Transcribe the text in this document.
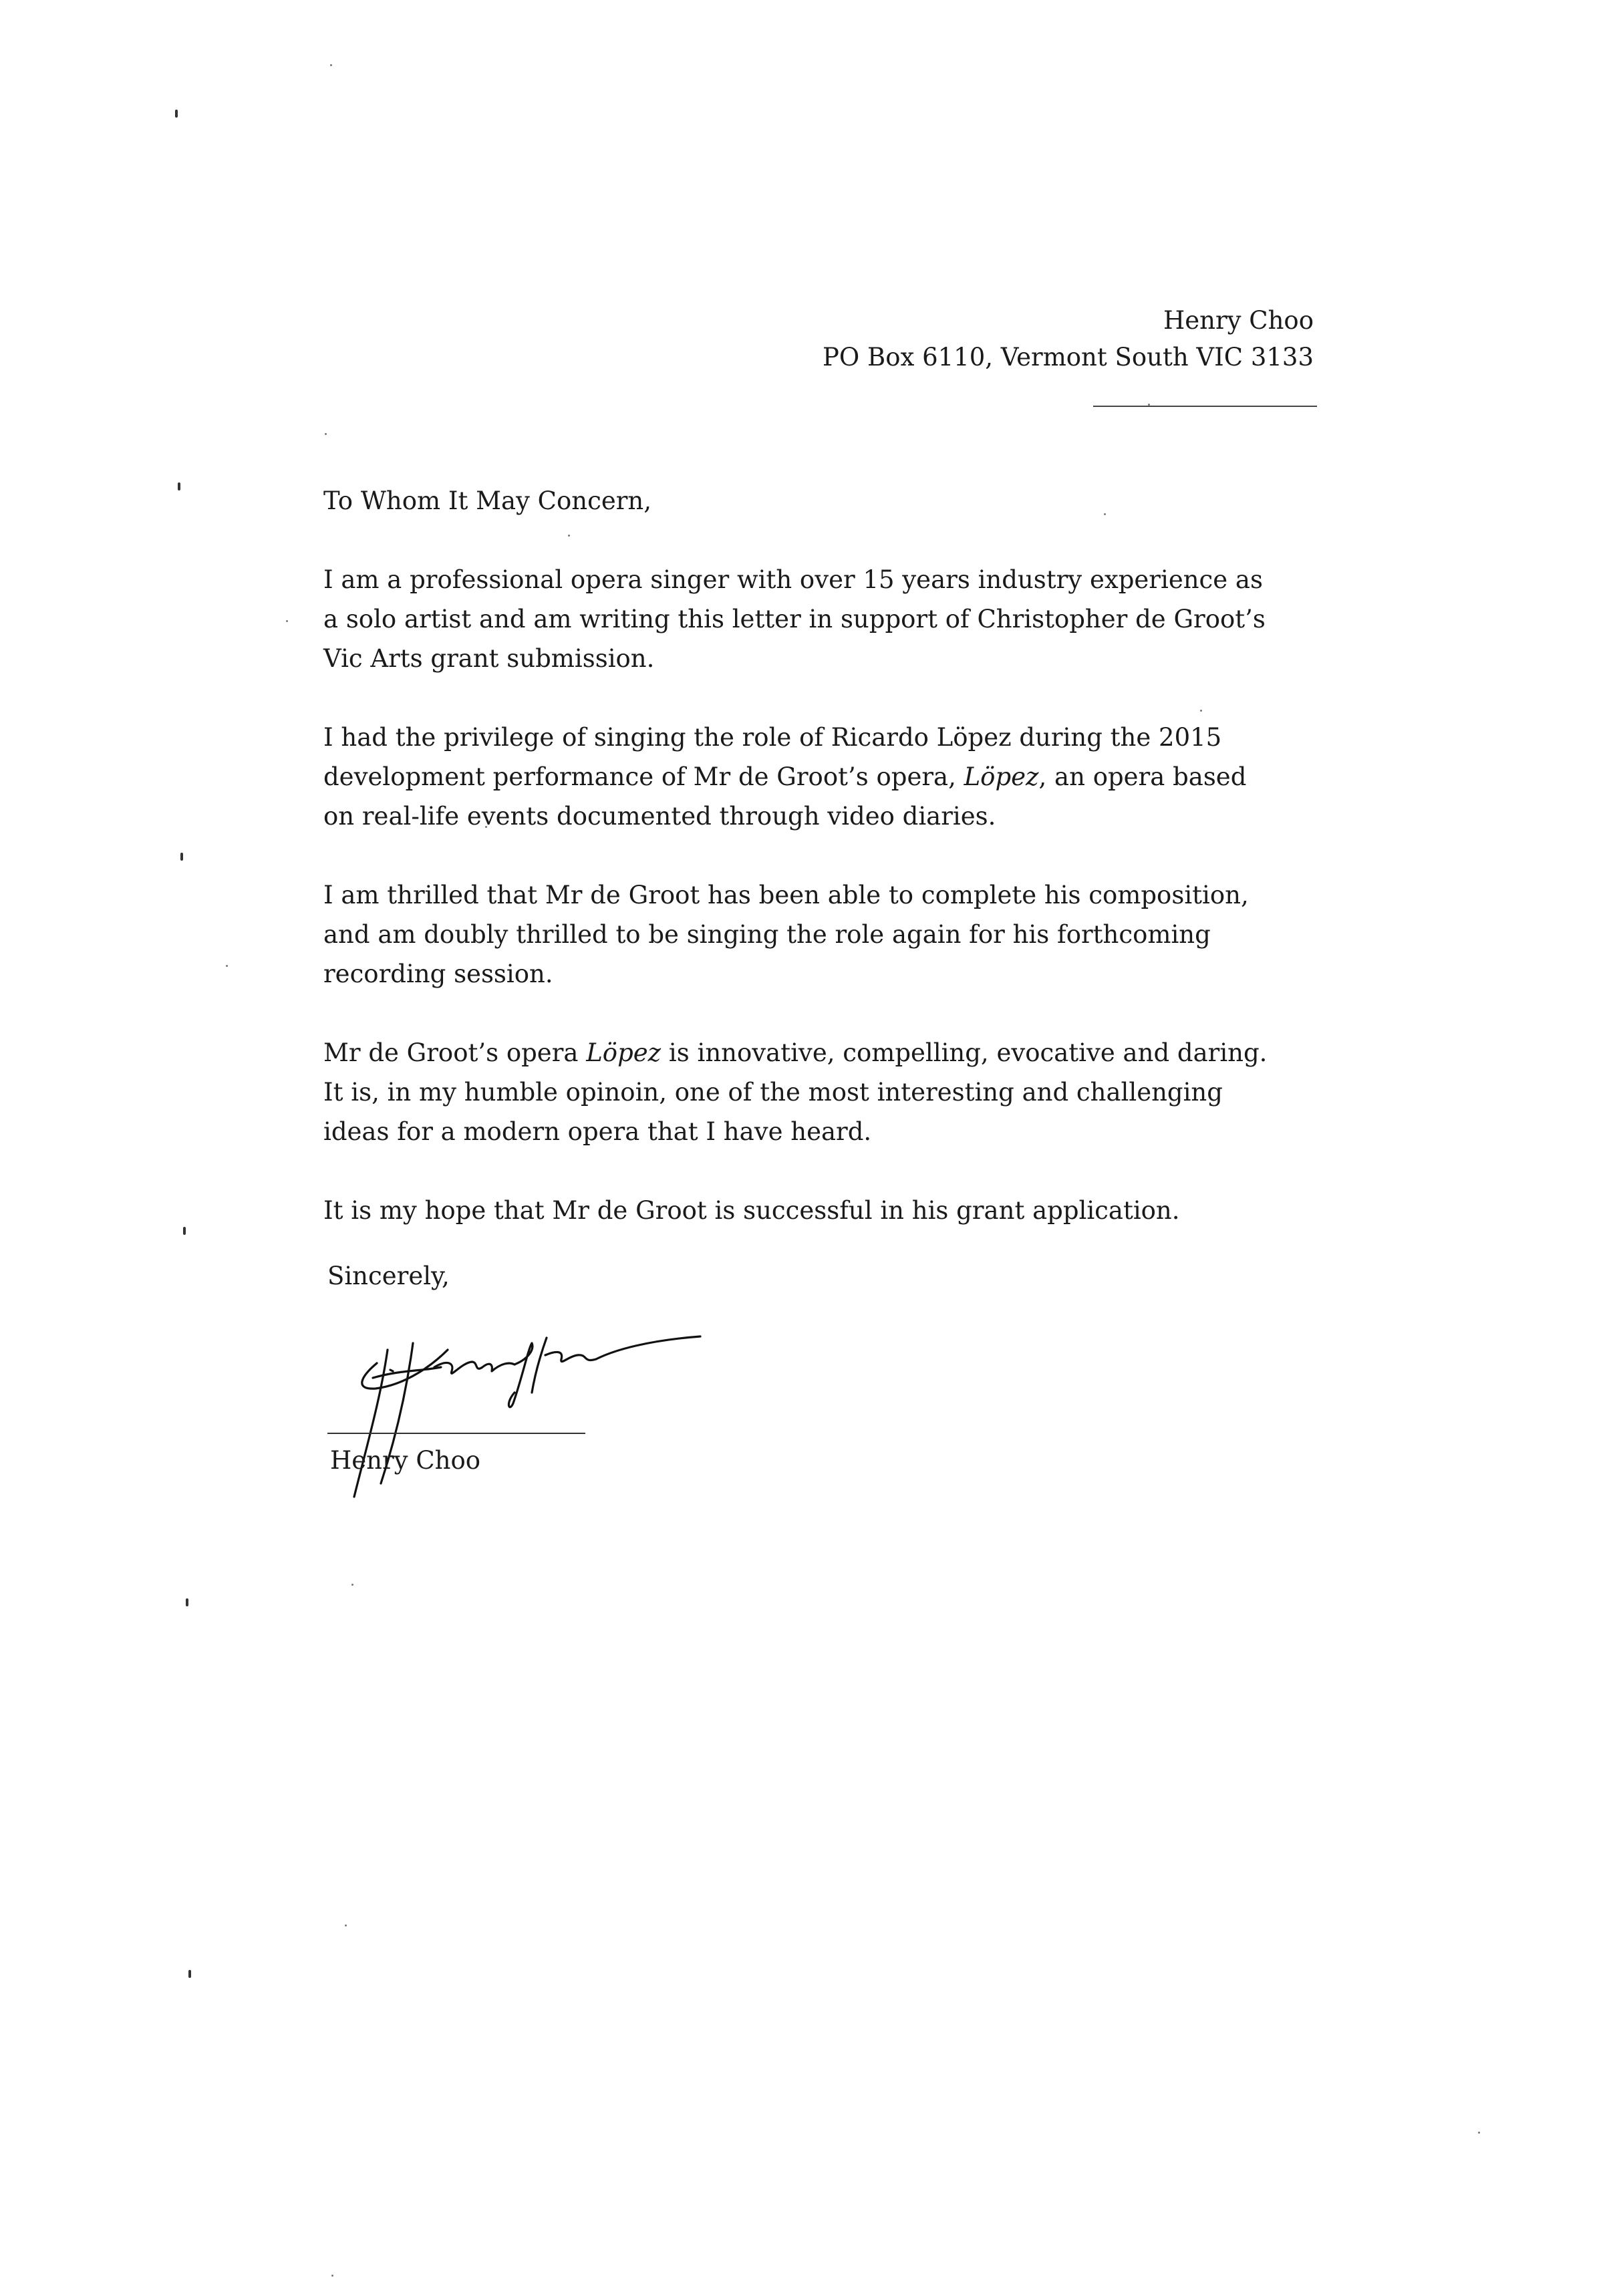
Henry Choo
PO Box 6110, Vermont South VIC 3133

To Whom It May Concern,

I am a professional opera singer with over 15 years industry experience as
a solo artist and am writing this letter in support of Christopher de Groot’s
Vic Arts grant submission.

I had the privilege of singing the role of Ricardo Löpez during the 2015
development performance of Mr de Groot’s opera, Löpez, an opera based
on real-life events documented through video diaries.

I am thrilled that Mr de Groot has been able to complete his composition,
and am doubly thrilled to be singing the role again for his forthcoming
recording session.

Mr de Groot’s opera Löpez is innovative, compelling, evocative and daring.
It is, in my humble opinoin, one of the most interesting and challenging
ideas for a modern opera that I have heard.

It is my hope that Mr de Groot is successful in his grant application.

Sincerely,
Henry Choo
